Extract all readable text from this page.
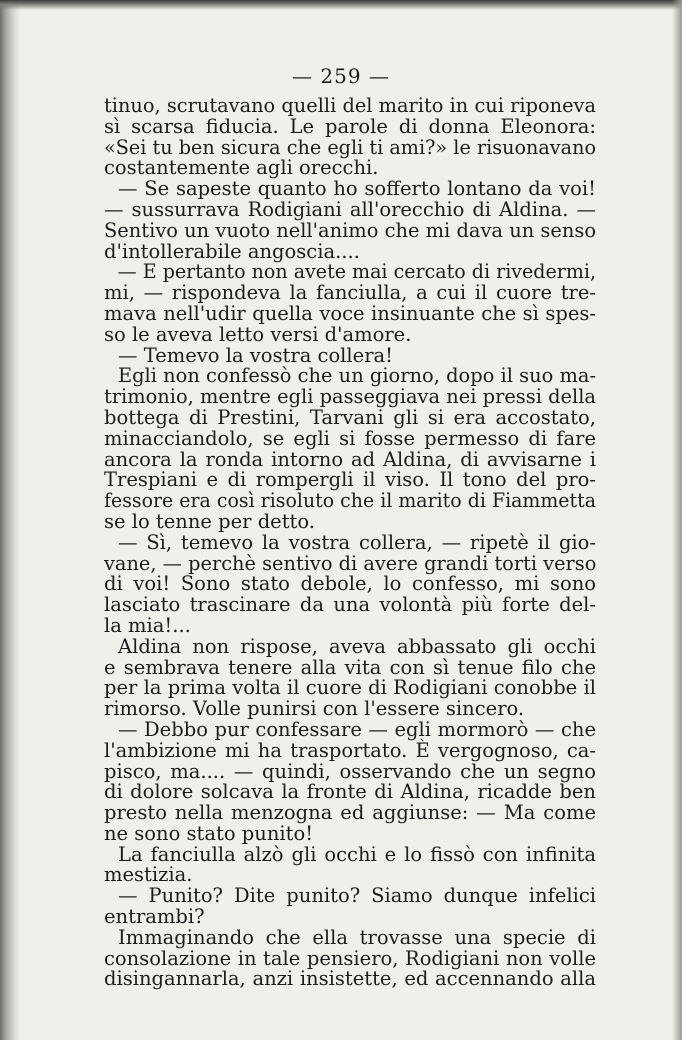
— 259 —
tinuo, scrutavano quelli del marito in cui riponeva
sì scarsa fiducia. Le parole di donna Eleonora:
«Sei tu ben sicura che egli ti ami?» le risuonavano
costantemente agli orecchi.
— Se sapeste quanto ho sofferto lontano da voi!
— sussurrava Rodigiani all'orecchio di Aldina. —
Sentivo un vuoto nell'animo che mi dava un senso
d'intollerabile angoscia....
— E pertanto non avete mai cercato di rivedermi,
mi, — rispondeva la fanciulla, a cui il cuore tre-
mava nell'udir quella voce insinuante che sì spes-
so le aveva letto versi d'amore.
— Temevo la vostra collera!
Egli non confessò che un giorno, dopo il suo ma-
trimonio, mentre egli passeggiava nei pressi della
bottega di Prestini, Tarvani gli si era accostato,
minacciandolo, se egli si fosse permesso di fare
ancora la ronda intorno ad Aldina, di avvisarne i
Trespiani e di rompergli il viso. Il tono del pro-
fessore era così risoluto che il marito di Fiammetta
se lo tenne per detto.
— Sì, temevo la vostra collera, — ripetè il gio-
vane, — perchè sentivo di avere grandi torti verso
di voi! Sono stato debole, lo confesso, mi sono
lasciato trascinare da una volontà più forte del-
la mia!...
Aldina non rispose, aveva abbassato gli occhi
e sembrava tenere alla vita con sì tenue filo che
per la prima volta il cuore di Rodigiani conobbe il
rimorso. Volle punirsi con l'essere sincero.
— Debbo pur confessare — egli mormorò — che
l'ambizione mi ha trasportato. È vergognoso, ca-
pisco, ma.... — quindi, osservando che un segno
di dolore solcava la fronte di Aldina, ricadde ben
presto nella menzogna ed aggiunse: — Ma come
ne sono stato punito!
La fanciulla alzò gli occhi e lo fissò con infinita
mestizia.
— Punito? Dite punito? Siamo dunque infelici
entrambi?
Immaginando che ella trovasse una specie di
consolazione in tale pensiero, Rodigiani non volle
disingannarla, anzi insistette, ed accennando alla
